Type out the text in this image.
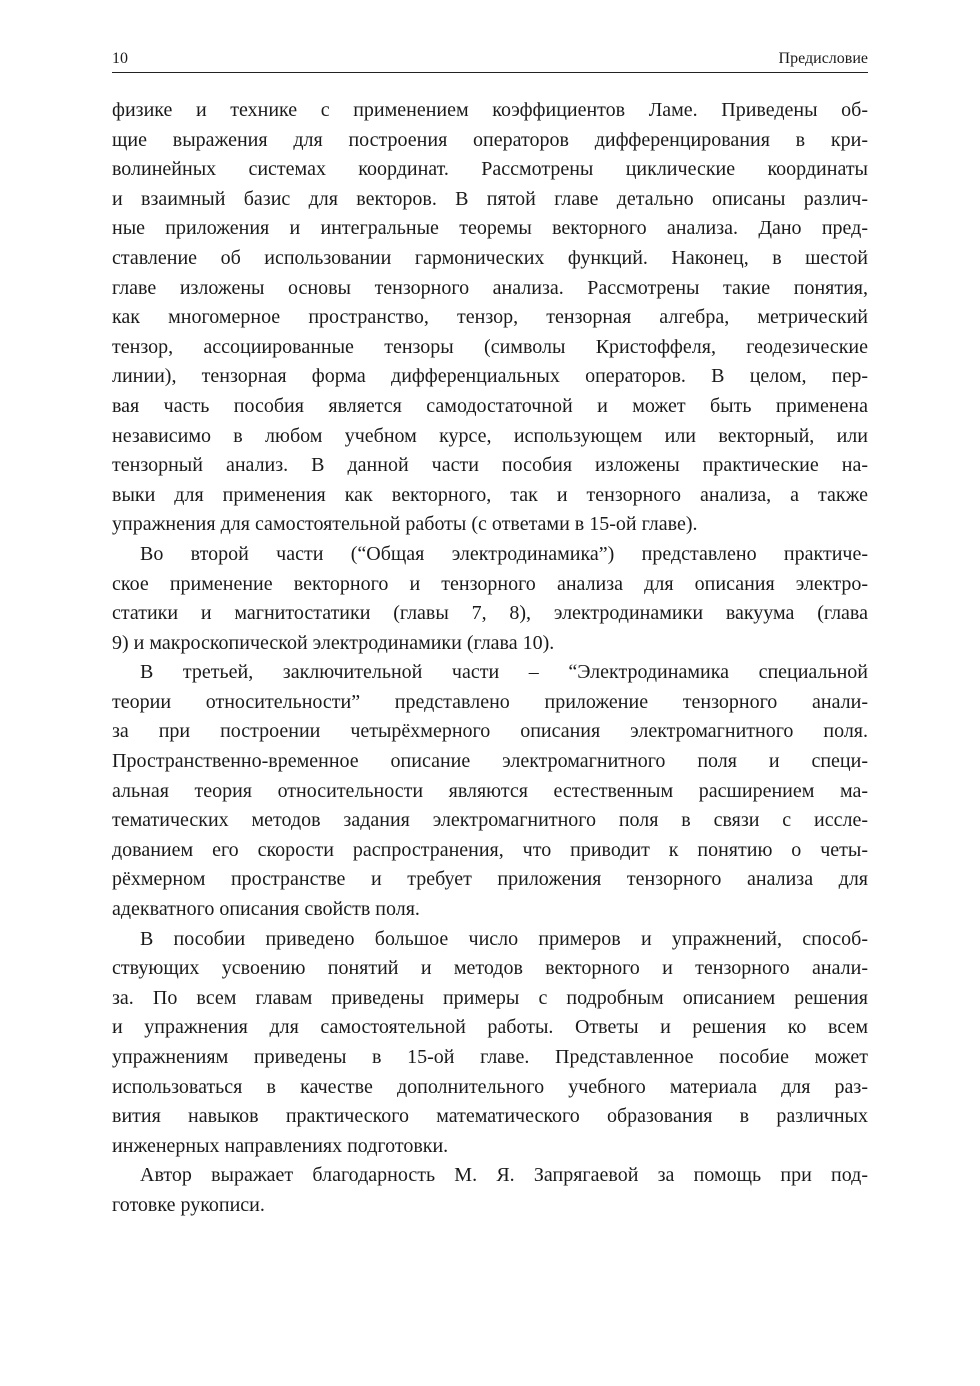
10	Предисловие
физике и технике с применением коэффициентов Ламе. Приведены об-
щие выражения для построения операторов дифференцирования в кри-
волинейных системах координат. Рассмотрены циклические координаты
и взаимный базис для векторов. В пятой главе детально описаны различ-
ные приложения и интегральные теоремы векторного анализа. Дано пред-
ставление об использовании гармонических функций. Наконец, в шестой
главе изложены основы тензорного анализа. Рассмотрены такие понятия,
как многомерное пространство, тензор, тензорная алгебра, метрический
тензор, ассоциированные тензоры (символы Кристоффеля, геодезические
линии), тензорная форма дифференциальных операторов. В целом, пер-
вая часть пособия является самодостаточной и может быть применена
независимо в любом учебном курсе, использующем или векторный, или
тензорный анализ. В данной части пособия изложены практические на-
выки для применения как векторного, так и тензорного анализа, а также
упражнения для самостоятельной работы (с ответами в 15-ой главе).
Во второй части (“Общая электродинамика”) представлено практиче-
ское применение векторного и тензорного анализа для описания электро-
статики и магнитостатики (главы 7, 8), электродинамики вакуума (глава
9) и макроскопической электродинамики (глава 10).
В третьей, заключительной части – “Электродинамика специальной
теории относительности” представлено приложение тензорного анали-
за при построении четырёхмерного описания электромагнитного поля.
Пространственно-временное описание электромагнитного поля и специ-
альная теория относительности являются естественным расширением ма-
тематических методов задания электромагнитного поля в связи с иссле-
дованием его скорости распространения, что приводит к понятию о четы-
рёхмерном пространстве и требует приложения тензорного анализа для
адекватного описания свойств поля.
В пособии приведено большое число примеров и упражнений, способ-
ствующих усвоению понятий и методов векторного и тензорного анали-
за. По всем главам приведены примеры с подробным описанием решения
и упражнения для самостоятельной работы. Ответы и решения ко всем
упражнениям приведены в 15-ой главе. Представленное пособие может
использоваться в качестве дополнительного учебного материала для раз-
вития навыков практического математического образования в различных
инженерных направлениях подготовки.
Автор выражает благодарность М. Я. Запрягаевой за помощь при под-
готовке рукописи.
